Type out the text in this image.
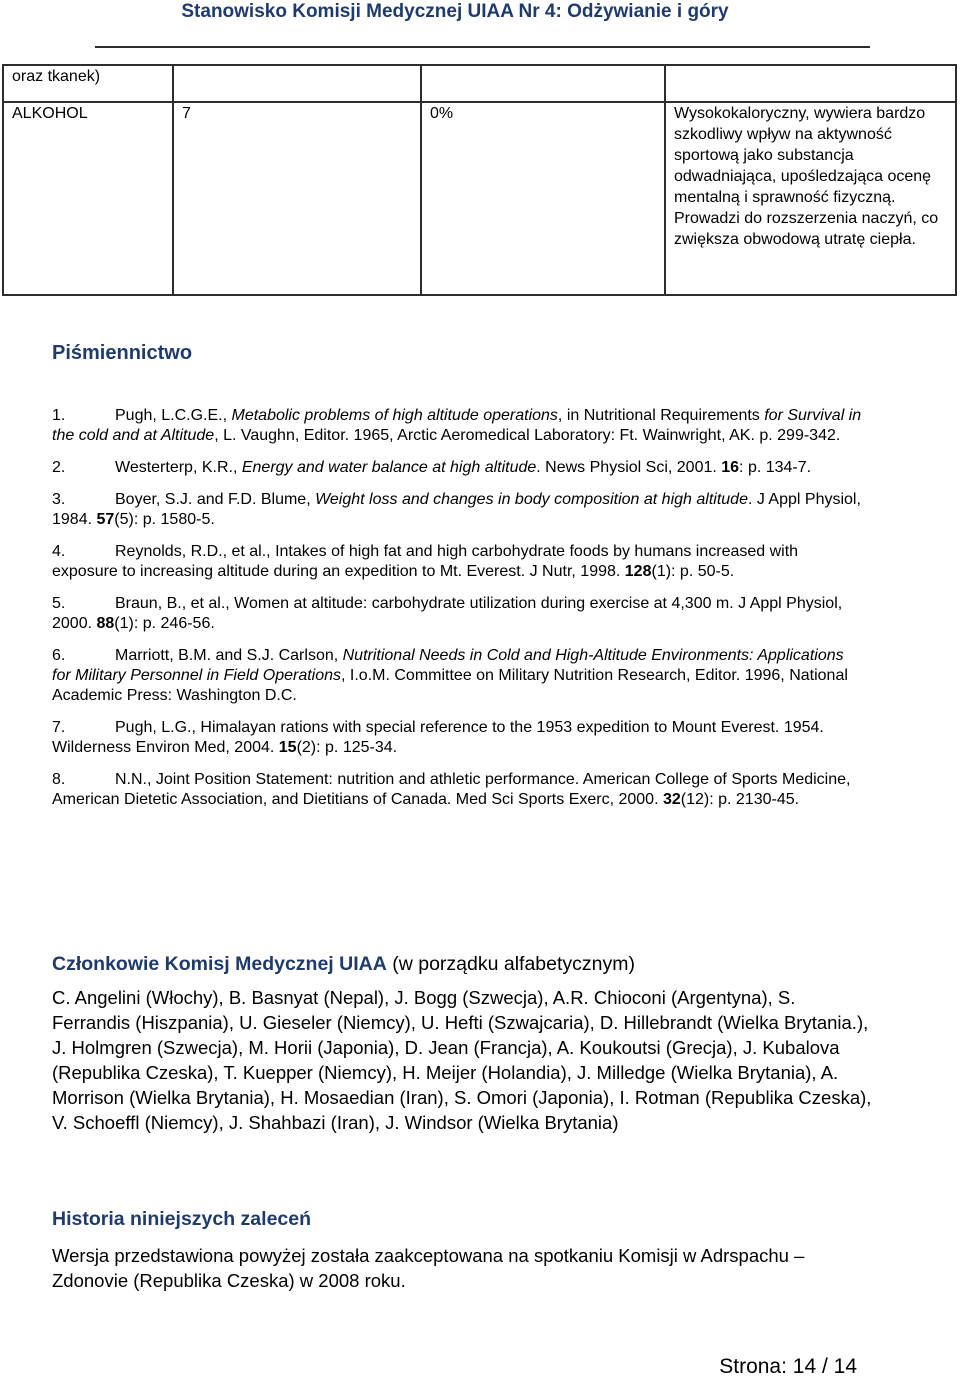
Stanowisko Komisji Medycznej UIAA Nr 4: Odżywianie i góry
oraz tkanek)			
ALKOHOL	7	0%	Wysokokaloryczny, wywiera bardzo szkodliwy wpływ na aktywność sportową jako substancja odwadniająca, upośledzająca ocenę mentalną i sprawność fizyczną. Prowadzi do rozszerzenia naczyń, co zwiększa obwodową utratę ciepła.
Piśmiennictwo
1.	Pugh, L.C.G.E., Metabolic problems of high altitude operations, in Nutritional Requirements for Survival in the cold and at Altitude, L. Vaughn, Editor. 1965, Arctic Aeromedical Laboratory: Ft. Wainwright, AK. p. 299-342.
2.	Westerterp, K.R., Energy and water balance at high altitude. News Physiol Sci, 2001. 16: p. 134-7.
3.	Boyer, S.J. and F.D. Blume, Weight loss and changes in body composition at high altitude. J Appl Physiol, 1984. 57(5): p. 1580-5.
4.	Reynolds, R.D., et al., Intakes of high fat and high carbohydrate foods by humans increased with exposure to increasing altitude during an expedition to Mt. Everest. J Nutr, 1998. 128(1): p. 50-5.
5.	Braun, B., et al., Women at altitude: carbohydrate utilization during exercise at 4,300 m. J Appl Physiol, 2000. 88(1): p. 246-56.
6.	Marriott, B.M. and S.J. Carlson, Nutritional Needs in Cold and High-Altitude Environments: Applications for Military Personnel in Field Operations, I.o.M. Committee on Military Nutrition Research, Editor. 1996, National Academic Press: Washington D.C.
7.	Pugh, L.G., Himalayan rations with special reference to the 1953 expedition to Mount Everest. 1954. Wilderness Environ Med, 2004. 15(2): p. 125-34.
8.	N.N., Joint Position Statement: nutrition and athletic performance. American College of Sports Medicine, American Dietetic Association, and Dietitians of Canada. Med Sci Sports Exerc, 2000. 32(12): p. 2130-45.
Członkowie Komisj Medycznej UIAA (w porządku alfabetycznym)
C. Angelini (Włochy), B. Basnyat (Nepal), J. Bogg (Szwecja), A.R. Chioconi (Argentyna), S. Ferrandis (Hiszpania), U. Gieseler (Niemcy), U. Hefti (Szwajcaria), D. Hillebrandt (Wielka Brytania.), J. Holmgren (Szwecja), M. Horii (Japonia), D. Jean (Francja), A. Koukoutsi (Grecja), J. Kubalova (Republika Czeska), T. Kuepper (Niemcy), H. Meijer (Holandia), J. Milledge (Wielka Brytania), A. Morrison (Wielka Brytania), H. Mosaedian (Iran), S. Omori (Japonia), I. Rotman (Republika Czeska), V. Schoeffl (Niemcy), J. Shahbazi (Iran), J. Windsor (Wielka Brytania)
Historia niniejszych zaleceń
Wersja przedstawiona powyżej została zaakceptowana na spotkaniu Komisji w Adrspachu – Zdonovie (Republika Czeska) w 2008 roku.
Strona: 14 / 14
